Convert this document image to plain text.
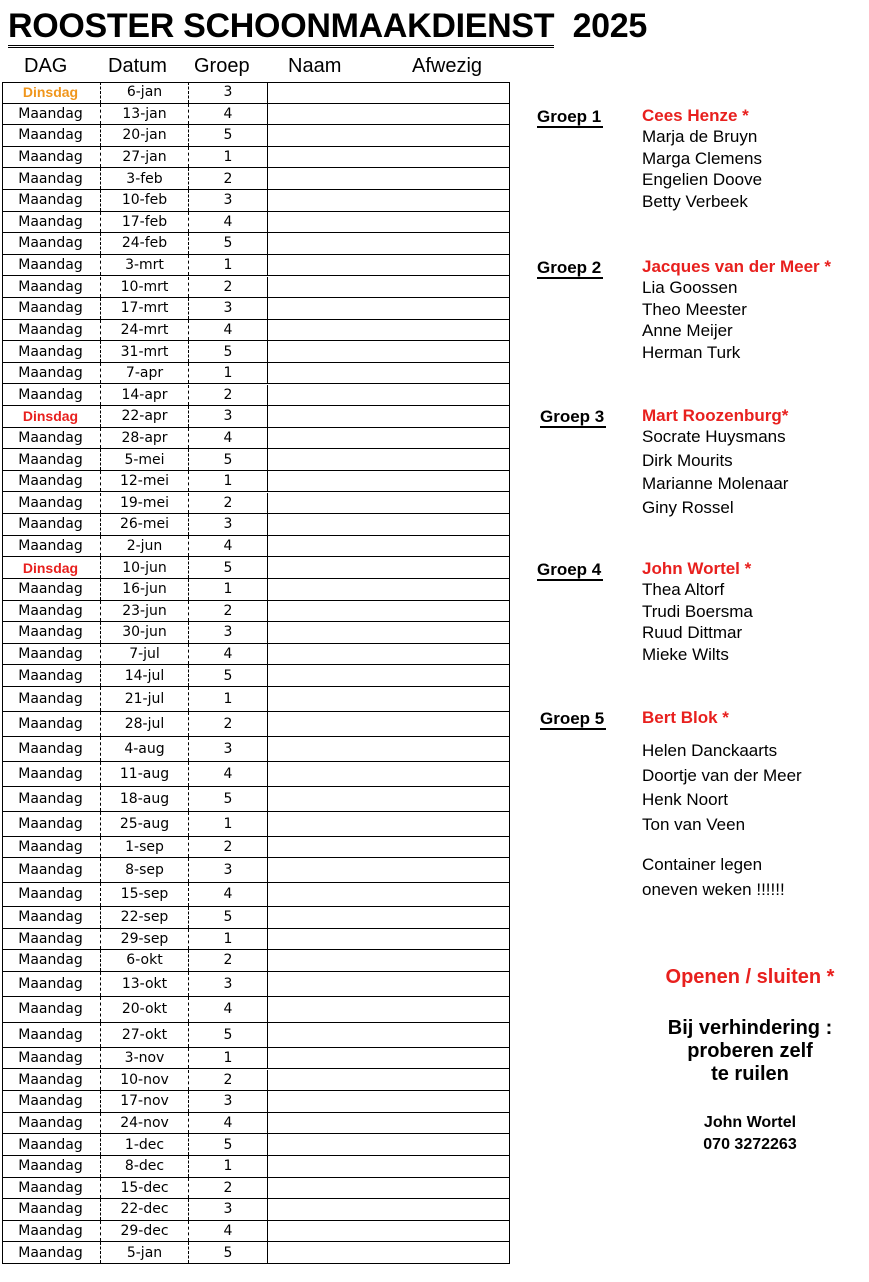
ROOSTER SCHOONMAAKDIENST 2025
DAG Datum Groep Naam	Afwezig
Dinsdag	6-jan	3
Maandag	13-jan	4
Maandag	20-jan	5
Maandag	27-jan	1
Maandag	3-feb	2
Maandag	10-feb	3
Maandag	17-feb	4
Maandag	24-feb	5
Maandag	3-mrt	1
Maandag	10-mrt	2
Maandag	17-mrt	3
Maandag	24-mrt	4
Maandag	31-mrt	5
Maandag	7-apr	1
Maandag	14-apr	2
Dinsdag	22-apr	3
Maandag	28-apr	4
Maandag	5-mei	5
Maandag	12-mei	1
Maandag	19-mei	2
Maandag	26-mei	3
Maandag	2-jun	4
Dinsdag	10-jun	5
Maandag	16-jun	1
Maandag	23-jun	2
Maandag	30-jun	3
Maandag	7-jul	4
Maandag	14-jul	5
Maandag	21-jul	1
Maandag	28-jul	2
Maandag	4-aug	3
Maandag	11-aug	4
Maandag	18-aug	5
Maandag	25-aug	1
Maandag	1-sep	2
Maandag	8-sep	3
Maandag	15-sep	4
Maandag	22-sep	5
Maandag	29-sep	1
Maandag	6-okt	2
Maandag	13-okt	3
Maandag	20-okt	4
Maandag	27-okt	5
Maandag	3-nov	1
Maandag	10-nov	2
Maandag	17-nov	3
Maandag	24-nov	4
Maandag	1-dec	5
Maandag	8-dec	1
Maandag	15-dec	2
Maandag	22-dec	3
Maandag	29-dec	4
Maandag	5-jan	5
Groep 1 Cees Henze *
Marja de Bruyn
Marga Clemens
Engelien Doove
Betty Verbeek
Groep 2 Jacques van der Meer *
Lia Goossen
Theo Meester
Anne Meijer
Herman Turk
Groep 3 Mart Roozenburg*
Socrate Huysmans
Dirk Mourits
Marianne Molenaar
Giny Rossel
Groep 4 John Wortel *
Thea Altorf
Trudi Boersma
Ruud Dittmar
Mieke Wilts
Groep 5 Bert Blok *
Helen Danckaarts
Doortje van der Meer
Henk Noort
Ton van Veen
Container legen
oneven weken !!!!!!
Openen / sluiten *
Bij verhindering :
proberen zelf
te ruilen
John Wortel
070 3272263
